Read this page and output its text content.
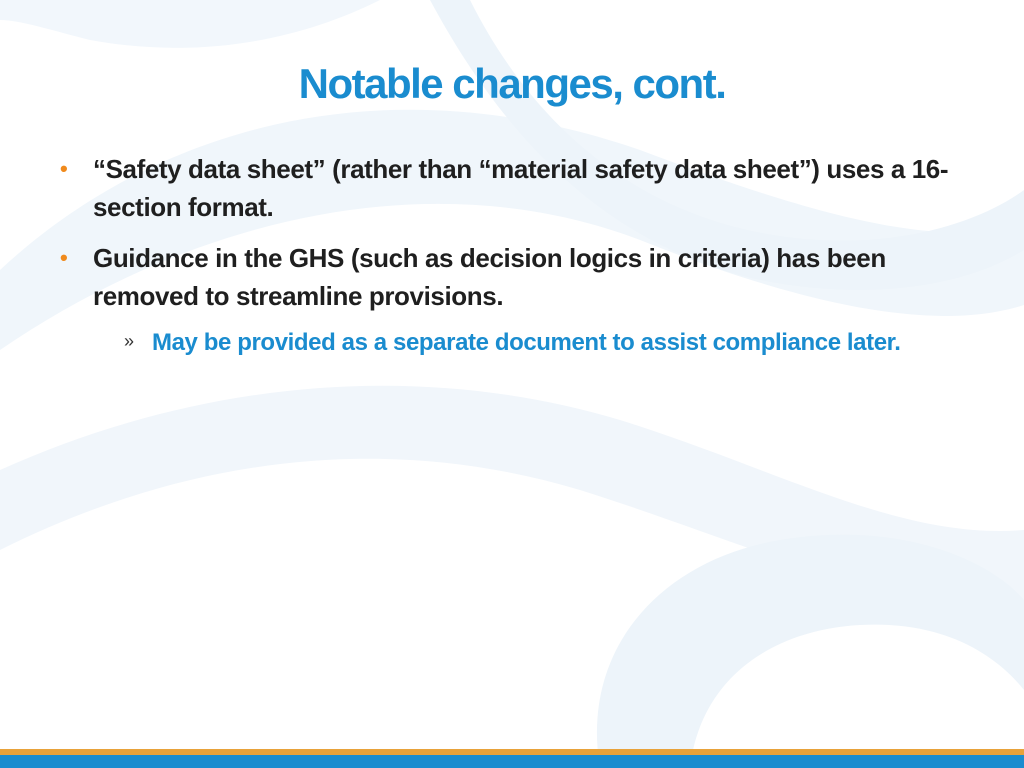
Notable changes, cont.
• “Safety data sheet” (rather than “material safety data sheet”) uses a 16-section format.
• Guidance in the GHS (such as decision logics in criteria) has been removed to streamline provisions.
» May be provided as a separate document to assist compliance later.
